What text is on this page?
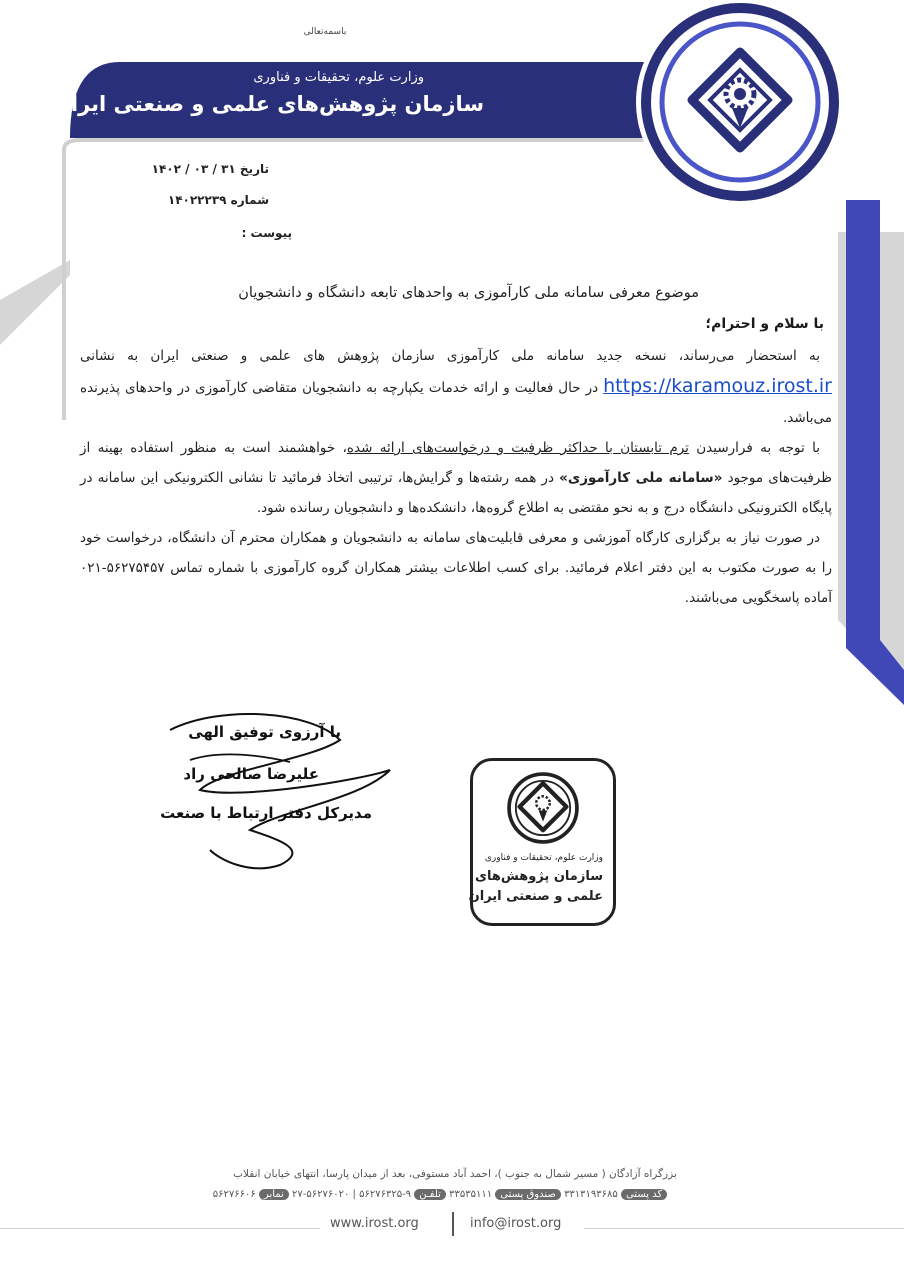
باسمه‌تعالی
وزارت علوم، تحقیقات و فناوری
سازمان پژوهش‌های علمی و صنعتی ایران
تاریخ ۳۱ / ۰۳ / ۱۴۰۲
شماره ۱۴۰۲۲۲۳۹
پیوست :
موضوع معرفی سامانه ملی کارآموزی به واحدهای تابعه دانشگاه و دانشجویان
با سلام و احترام؛

به استحضار می‌رساند، نسخه جدید سامانه ملی کارآموزی سازمان پژوهش های علمی و صنعتی ایران به نشانی https://karamouz.irost.ir در حال فعالیت و ارائه خدمات یکپارچه به دانشجویان متقاضی کارآموزی در واحدهای پذیرنده می‌باشد.

با توجه به فرارسیدن ترم تابستان با حداکثر ظرفیت و درخواست‌های ارائه شده، خواهشمند است به منظور استفاده بهینه از ظرفیت‌های موجود «سامانه ملی کارآموزی» در همه رشته‌ها و گرایش‌ها، ترتیبی اتخاذ فرمائید تا نشانی الکترونیکی این سامانه در پایگاه الکترونیکی دانشگاه درج و به نحو مقتضی به اطلاع گروه‌ها، دانشکده‌ها و دانشجویان رسانده شود.

در صورت نیاز به برگزاری کارگاه آموزشی و معرفی قابلیت‌های سامانه به دانشجویان و همکاران محترم آن دانشگاه، درخواست خود را به صورت مکتوب به این دفتر اعلام فرمائید. برای کسب اطلاعات بیشتر همکاران گروه کارآموزی با شماره تماس ۵۶۲۷۵۴۵۷-۰۲۱ آماده پاسخگویی می‌باشند.

با آرزوی توفیق الهی
علیرضا صالحی راد
مدیرکل دفتر ارتباط با صنعت
وزارت علوم، تحقیقات و فناوری
سازمان پژوهش‌های
علمی و صنعتی ایران
بزرگراه آزادگان ( مسیر شمال به جنوب )، احمد آباد مستوفی، بعد از میدان پارسا، انتهای خیابان انقلاب
کد پستی ۳۳۱۳۱۹۳۶۸۵ صندوق پستی ۳۳۵۳۵۱۱۱ تلفـن ۹-۵۶۲۷۶۳۲۵ | ۵۶۲۷۶۰۲۰-۲۷ نمابر ۵۶۲۷۶۶۰۶
www.irost.org	info@irost.org
